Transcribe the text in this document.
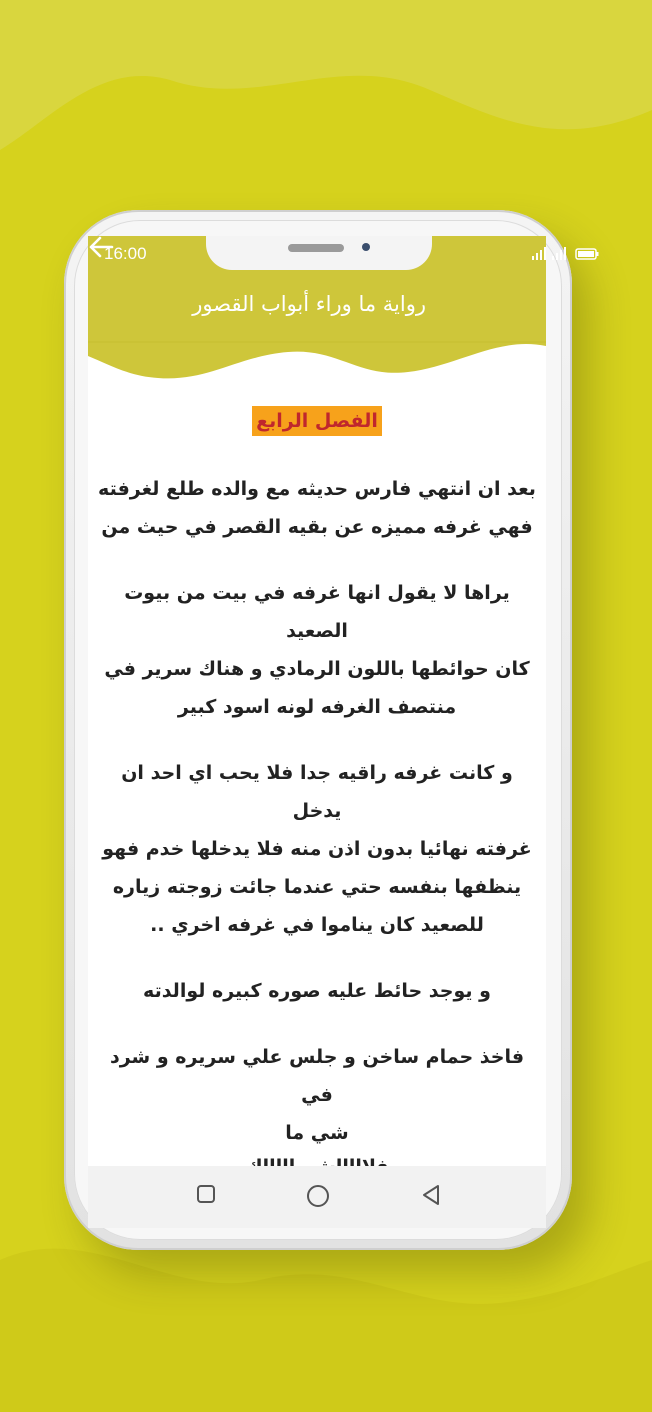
16:00
رواية ما وراء أبواب القصور
الفصل الرابع

بعد ان انتهي فارس حديثه مع والده طلع لغرفته
فهي غرفه مميزه عن بقيه القصر في حيث من

يراها لا يقول انها غرفه في بيت من بيوت الصعيد
كان حوائطها باللون الرمادي و هناك سرير في
منتصف الغرفه لونه اسود كبير

و كانت غرفه راقيه جدا فلا يحب اي احد ان يدخل
غرفته نهائيا بدون اذن منه فلا يدخلها خدم فهو
ينظفها بنفسه حتي عندما جائت زوجته زياره
للصعيد كان يناموا في غرفه اخري ..

و يوجد حائط عليه صوره كبيره لوالدته

فاخذ حمام ساخن و جلس علي سريره و شرد في
شي ما
